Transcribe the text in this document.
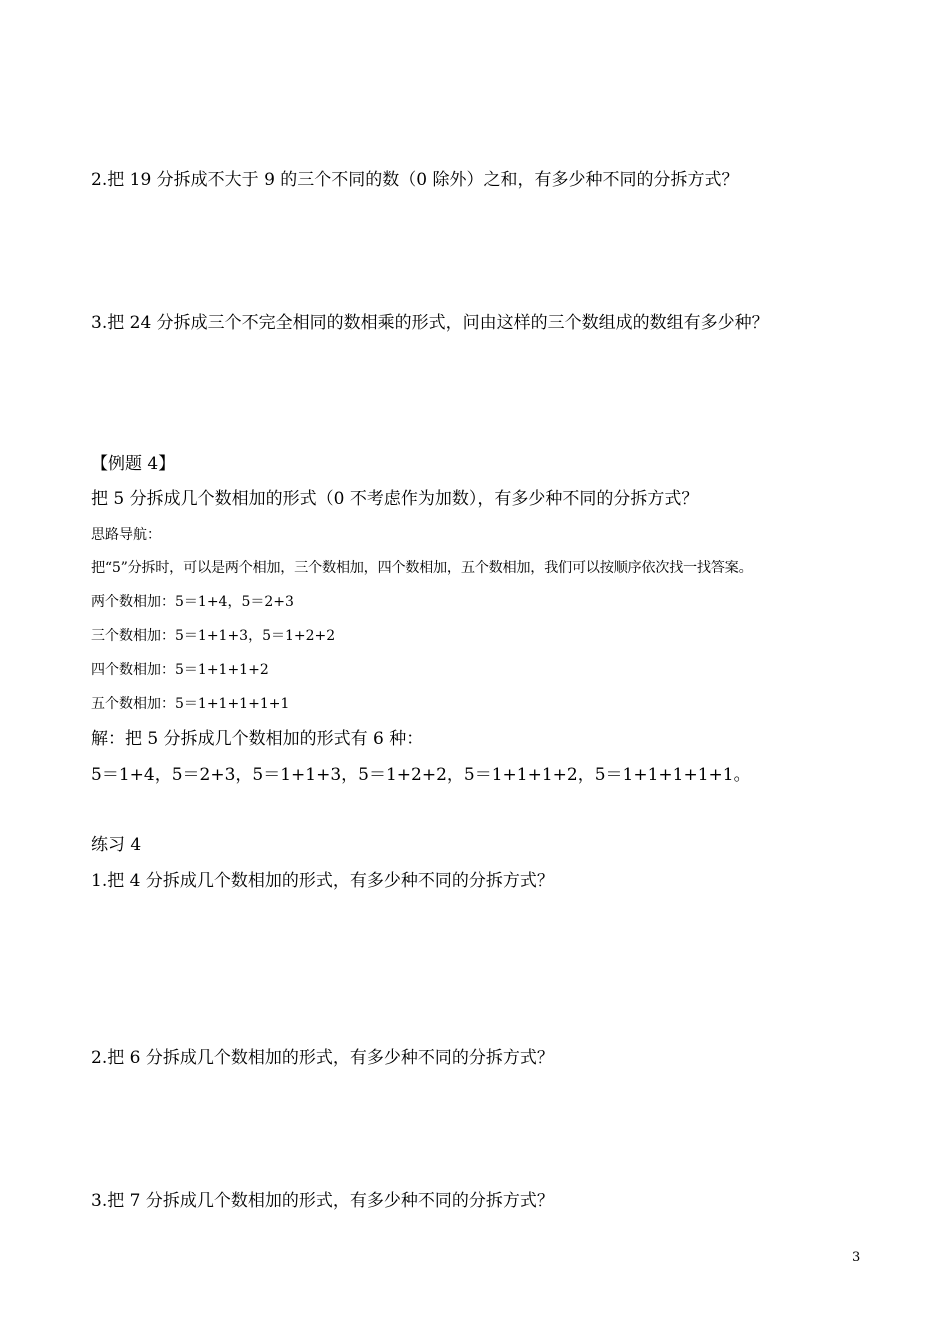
2.把 19 分拆成不大于 9 的三个不同的数（0 除外）之和，有多少种不同的分拆方式？
3.把 24 分拆成三个不完全相同的数相乘的形式，问由这样的三个数组成的数组有多少种？
【例题 4】
把 5 分拆成几个数相加的形式（0 不考虑作为加数），有多少种不同的分拆方式？
思路导航：
把“5”分拆时，可以是两个相加，三个数相加，四个数相加，五个数相加，我们可以按顺序依次找一找答案。
两个数相加：5＝1+4，5＝2+3
三个数相加：5＝1+1+3，5＝1+2+2
四个数相加：5＝1+1+1+2
五个数相加：5＝1+1+1+1+1
解：把 5 分拆成几个数相加的形式有 6 种：
5＝1+4，5＝2+3，5＝1+1+3，5＝1+2+2，5＝1+1+1+2，5＝1+1+1+1+1。
练习 4
1.把 4 分拆成几个数相加的形式，有多少种不同的分拆方式？
2.把 6 分拆成几个数相加的形式，有多少种不同的分拆方式？
3.把 7 分拆成几个数相加的形式，有多少种不同的分拆方式？
3
